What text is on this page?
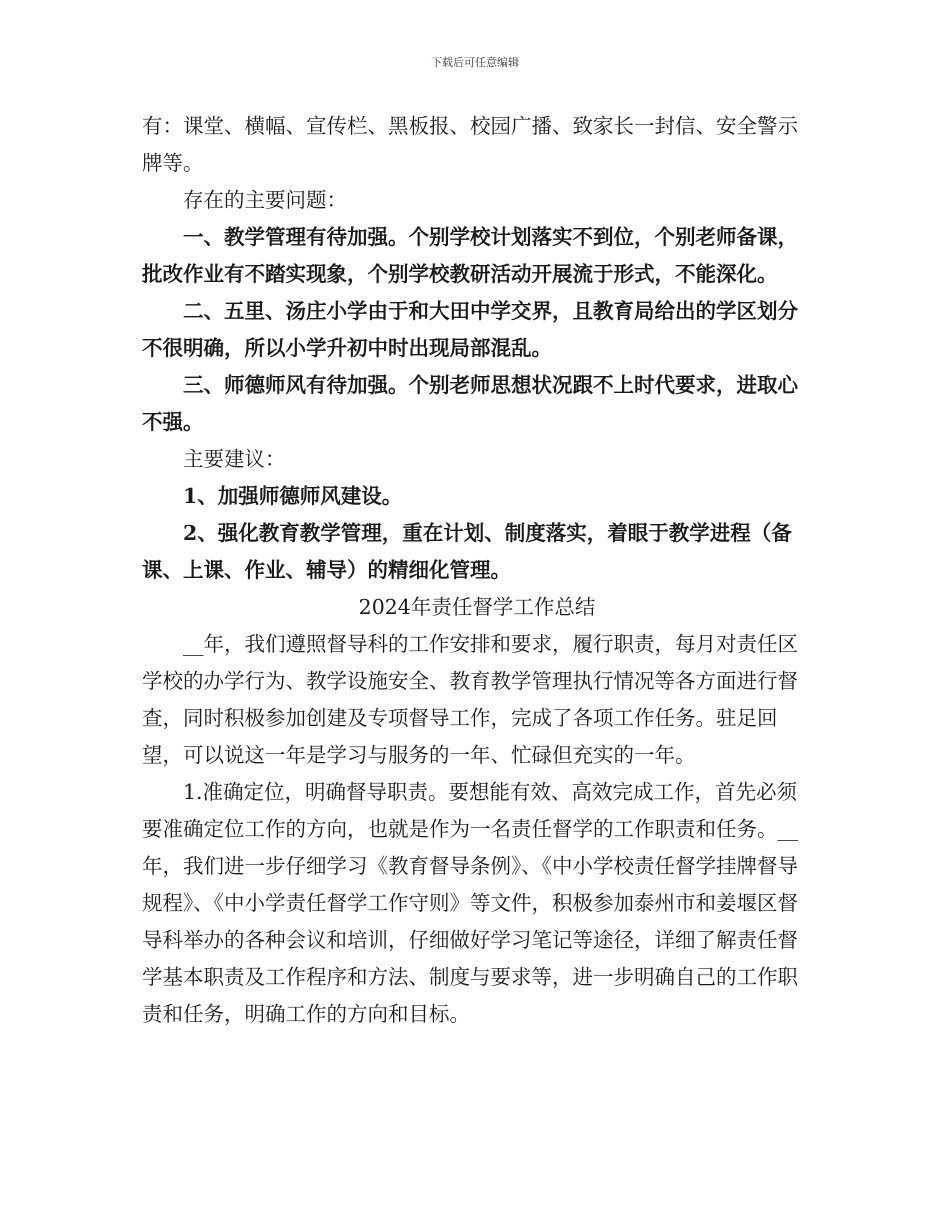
下载后可任意编辑

有：课堂、横幅、宣传栏、黑板报、校园广播、致家长一封信、安全警示牌等。

存在的主要问题：

一、教学管理有待加强。个别学校计划落实不到位，个别老师备课，批改作业有不踏实现象，个别学校教研活动开展流于形式，不能深化。

二、五里、汤庄小学由于和大田中学交界，且教育局给出的学区划分不很明确，所以小学升初中时出现局部混乱。

三、师德师风有待加强。个别老师思想状况跟不上时代要求，进取心不强。

主要建议：

1、加强师德师风建设。

2、强化教育教学管理，重在计划、制度落实，着眼于教学进程（备课、上课、作业、辅导）的精细化管理。

2024年责任督学工作总结

__年，我们遵照督导科的工作安排和要求，履行职责，每月对责任区学校的办学行为、教学设施安全、教育教学管理执行情况等各方面进行督查，同时积极参加创建及专项督导工作，完成了各项工作任务。驻足回望，可以说这一年是学习与服务的一年、忙碌但充实的一年。

1.准确定位，明确督导职责。要想能有效、高效完成工作，首先必须要准确定位工作的方向，也就是作为一名责任督学的工作职责和任务。__年，我们进一步仔细学习《教育督导条例》、《中小学校责任督学挂牌督导规程》、《中小学责任督学工作守则》等文件，积极参加泰州市和姜堰区督导科举办的各种会议和培训，仔细做好学习笔记等途径，详细了解责任督学基本职责及工作程序和方法、制度与要求等，进一步明确自己的工作职责和任务，明确工作的方向和目标。
